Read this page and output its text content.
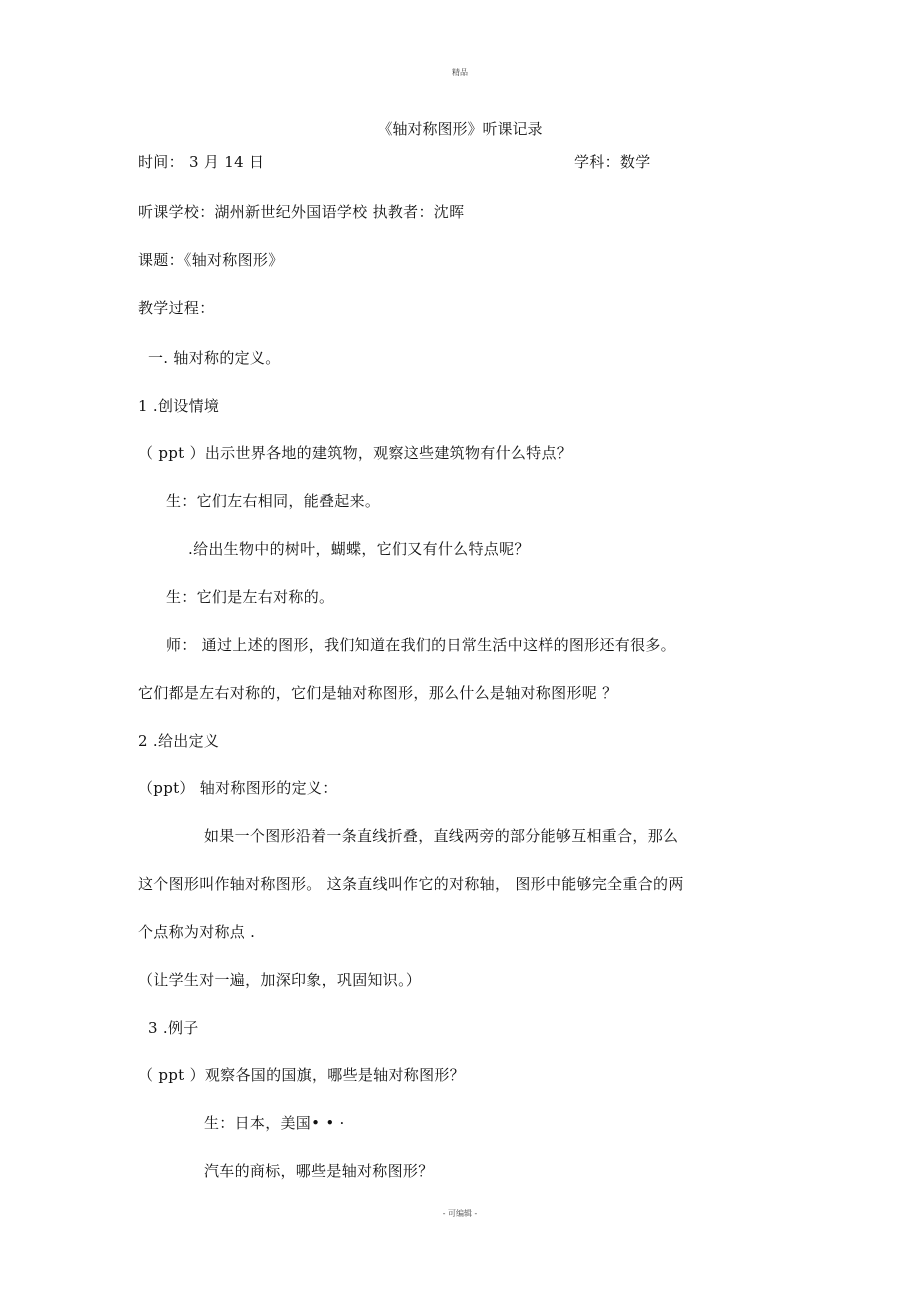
精品
《轴对称图形》听课记录
时间： 3 月 14 日	学科：数学
听课学校：湖州新世纪外国语学校 执教者：沈晖
课题：《轴对称图形》
教学过程：
一. 轴对称的定义。
1 .创设情境
（ ppt ）出示世界各地的建筑物，观察这些建筑物有什么特点？
生：它们左右相同，能叠起来。
.给出生物中的树叶，蝴蝶，它们又有什么特点呢？
生：它们是左右对称的。
师： 通过上述的图形，我们知道在我们的日常生活中这样的图形还有很多。
它们都是左右对称的，它们是轴对称图形，那么什么是轴对称图形呢 ？
2 .给出定义
（ppt） 轴对称图形的定义：
如果一个图形沿着一条直线折叠，直线两旁的部分能够互相重合，那么
这个图形叫作轴对称图形。 这条直线叫作它的对称轴， 图形中能够完全重合的两
个点称为对称点 .
（让学生对一遍，加深印象，巩固知识。）
3 .例子
（ ppt ）观察各国的国旗，哪些是轴对称图形？
生：日本，美国• • ·
汽车的商标，哪些是轴对称图形？
- 可编辑 -
